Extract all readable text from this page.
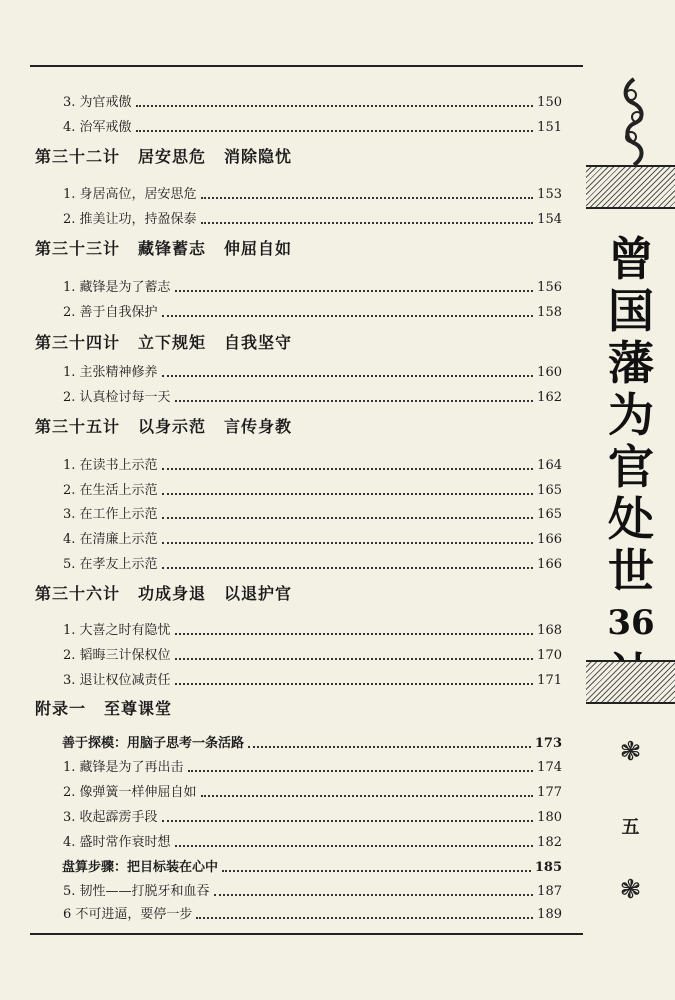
3. 为官戒傲	150
4. 治军戒傲	151
第三十二计 居安思危 消除隐忧
1. 身居高位，居安思危	153
2. 推美让功，持盈保泰	154
第三十三计 藏锋蓄志 伸屈自如
1. 藏锋是为了蓄志	156
2. 善于自我保护	158
第三十四计 立下规矩 自我坚守
1. 主张精神修养	160
2. 认真检讨每一天	162
第三十五计 以身示范 言传身教
1. 在读书上示范	164
2. 在生活上示范	165
3. 在工作上示范	165
4. 在清廉上示范	166
5. 在孝友上示范	166
第三十六计 功成身退 以退护官
1. 大喜之时有隐忧	168
2. 韬晦三计保权位	170
3. 退让权位减责任	171
附录一 至尊课堂
善于探模：用脑子思考一条活路	173
1. 藏锋是为了再出击	174
2. 像弹簧一样伸屈自如	177
3. 收起霹雳手段	180
4. 盛时常作衰时想	182
盘算步骤：把目标装在心中	185
5. 韧性——打脱牙和血吞	187
6 不可进逼，要停一步	189
曾
国
藩
为
官
处
世
36
❃
五
❃
